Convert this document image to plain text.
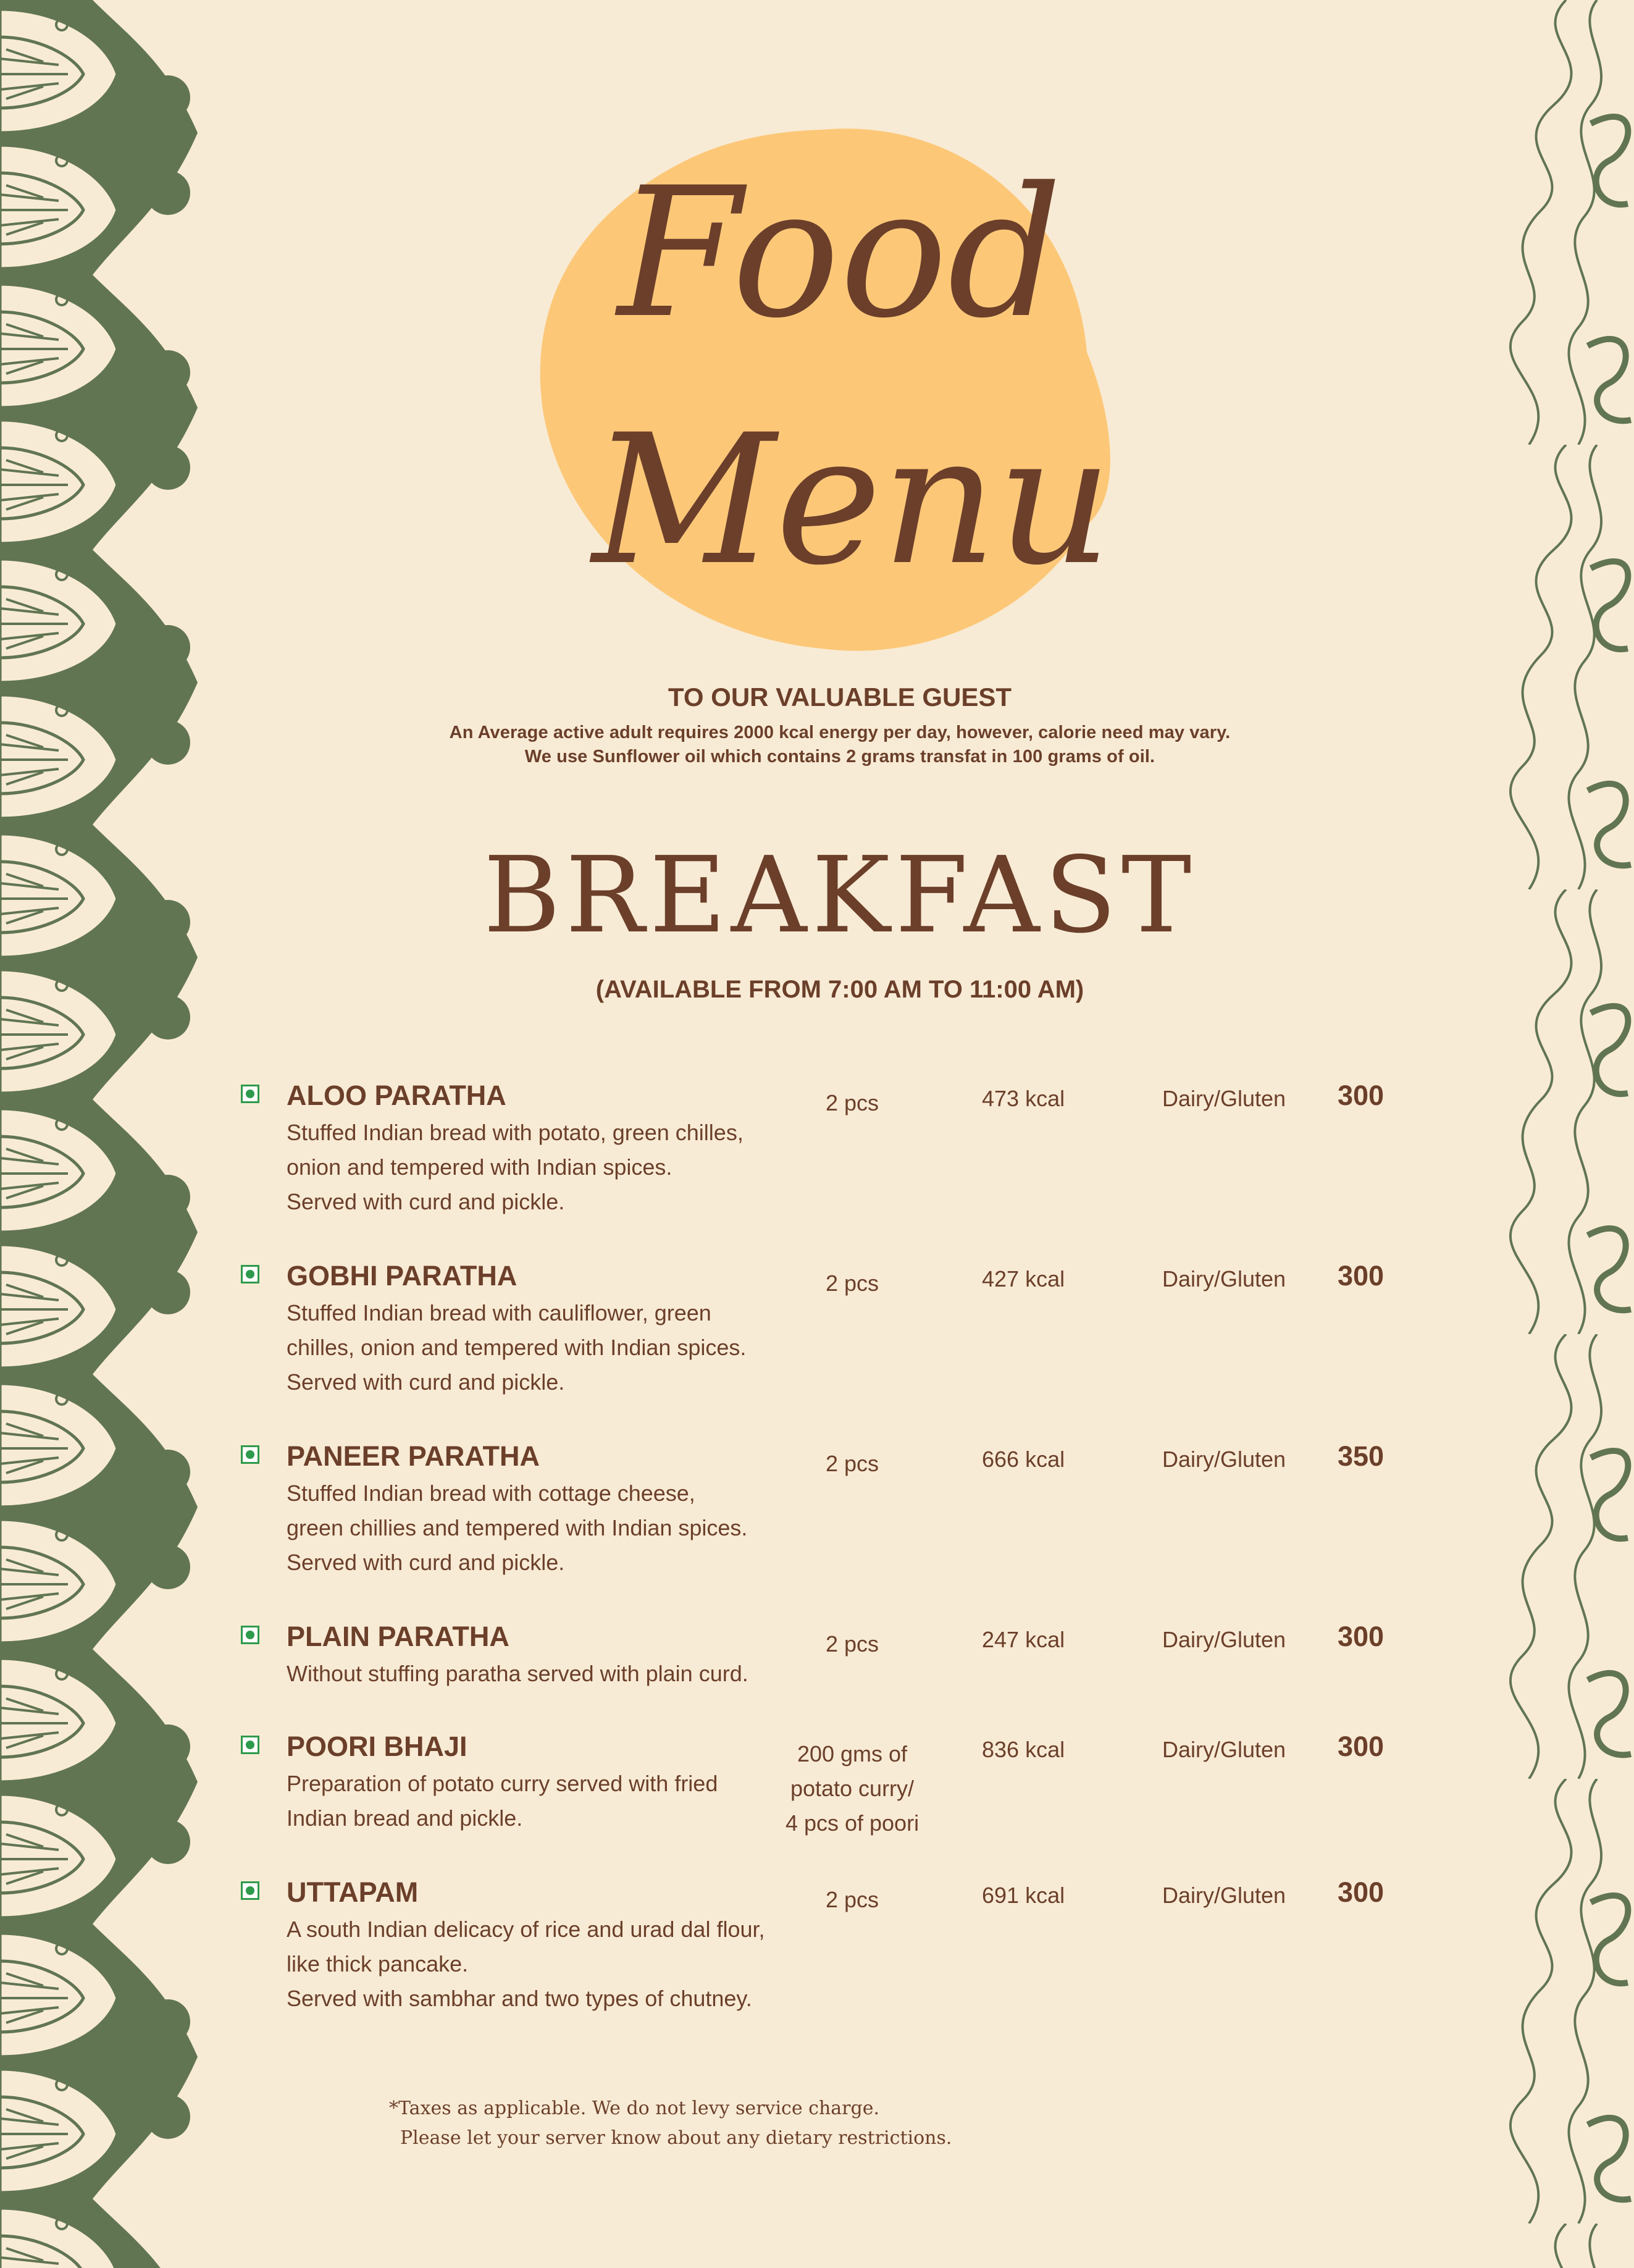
Food
Menu
TO OUR VALUABLE GUEST
An Average active adult requires 2000 kcal energy per day, however, calorie need may vary.
We use Sunflower oil which contains 2 grams transfat in 100 grams of oil.
BREAKFAST
(AVAILABLE FROM 7:00 AM TO 11:00 AM)
ALOO PARATHA
Stuffed Indian bread with potato, green chilles,
onion and tempered with Indian spices.
Served with curd and pickle.
2 pcs	473 kcal	Dairy/Gluten 300
GOBHI PARATHA
Stuffed Indian bread with cauliflower, green
chilles, onion and tempered with Indian spices.
Served with curd and pickle.
2 pcs	427 kcal	Dairy/Gluten 300
PANEER PARATHA
Stuffed Indian bread with cottage cheese,
green chillies and tempered with Indian spices.
Served with curd and pickle.
2 pcs	666 kcal	Dairy/Gluten 350
PLAIN PARATHA
Without stuffing paratha served with plain curd.
2 pcs	247 kcal	Dairy/Gluten 300
POORI BHAJI
Preparation of potato curry served with fried
Indian bread and pickle.
200 gms of
potato curry/
4 pcs of poori
836 kcal	Dairy/Gluten 300
UTTAPAM
A south Indian delicacy of rice and urad dal flour,
like thick pancake.
Served with sambhar and two types of chutney.
2 pcs	691 kcal	Dairy/Gluten 300
*Taxes as applicable. We do not levy service charge.
Please let your server know about any dietary restrictions.
